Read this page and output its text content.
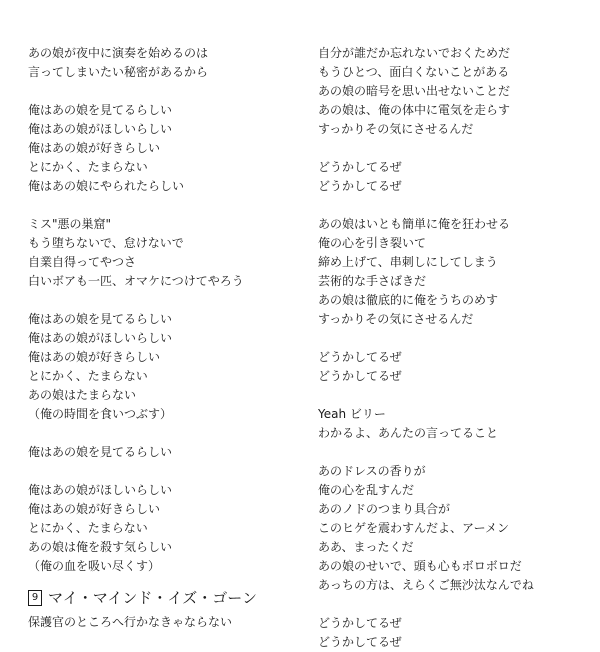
あの娘が夜中に演奏を始めるのは
言ってしまいたい秘密があるから
俺はあの娘を見てるらしい
俺はあの娘がほしいらしい
俺はあの娘が好きらしい
とにかく、たまらない
俺はあの娘にやられたらしい
ミス"悪の巣窟"
もう堕ちないで、怠けないで
自業自得ってやつさ
白いボアも一匹、オマケにつけてやろう
俺はあの娘を見てるらしい
俺はあの娘がほしいらしい
俺はあの娘が好きらしい
とにかく、たまらない
あの娘はたまらない
（俺の時間を食いつぶす）
俺はあの娘を見てるらしい
俺はあの娘がほしいらしい
俺はあの娘が好きらしい
とにかく、たまらない
あの娘は俺を殺す気らしい
（俺の血を吸い尽くす）
9 マイ・マインド・イズ・ゴーン
保護官のところへ行かなきゃならない
自分が誰だか忘れないでおくためだ
もうひとつ、面白くないことがある
あの娘の暗号を思い出せないことだ
あの娘は、俺の体中に電気を走らす
すっかりその気にさせるんだ
どうかしてるぜ
どうかしてるぜ
あの娘はいとも簡単に俺を狂わせる
俺の心を引き裂いて
締め上げて、串刺しにしてしまう
芸術的な手さばきだ
あの娘は徹底的に俺をうちのめす
すっかりその気にさせるんだ
どうかしてるぜ
どうかしてるぜ
Yeah ビリー
わかるよ、あんたの言ってること
あのドレスの香りが
俺の心を乱すんだ
あのノドのつまり具合が
このヒゲを震わすんだよ、アーメン
ああ、まったくだ
あの娘のせいで、頭も心もボロボロだ
あっちの方は、えらくご無沙汰なんでね
どうかしてるぜ
どうかしてるぜ
